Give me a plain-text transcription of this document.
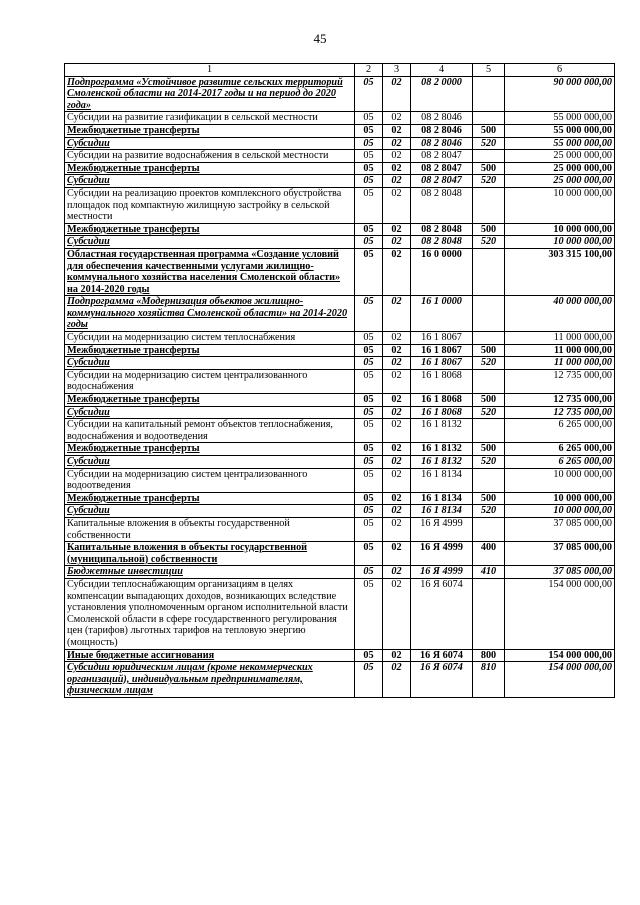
45
1	2	3	4	5	6
Подпрограмма «Устойчивое развитие сельских территорий Смоленской области на 2014-2017 годы и на период до 2020 года»	05	02	08 2 0000		90 000 000,00
Субсидии на развитие газификации в сельской местности	05	02	08 2 8046		55 000 000,00
Межбюджетные трансферты	05	02	08 2 8046	500	55 000 000,00
Субсидии	05	02	08 2 8046	520	55 000 000,00
Субсидии на развитие водоснабжения в сельской местности	05	02	08 2 8047		25 000 000,00
Межбюджетные трансферты	05	02	08 2 8047	500	25 000 000,00
Субсидии	05	02	08 2 8047	520	25 000 000,00
Субсидии на реализацию проектов комплексного обустройства площадок под компактную жилищную застройку в сельской местности	05	02	08 2 8048		10 000 000,00
Межбюджетные трансферты	05	02	08 2 8048	500	10 000 000,00
Субсидии	05	02	08 2 8048	520	10 000 000,00
Областная государственная программа «Создание условий для обеспечения качественными услугами жилищно-коммунального хозяйства населения Смоленской области» на 2014-2020 годы	05	02	16 0 0000		303 315 100,00
Подпрограмма «Модернизация объектов жилищно-коммунального хозяйства Смоленской области» на 2014-2020 годы	05	02	16 1 0000		40 000 000,00
Субсидии на модернизацию систем теплоснабжения	05	02	16 1 8067		11 000 000,00
Межбюджетные трансферты	05	02	16 1 8067	500	11 000 000,00
Субсидии	05	02	16 1 8067	520	11 000 000,00
Субсидии на модернизацию систем централизованного водоснабжения	05	02	16 1 8068		12 735 000,00
Межбюджетные трансферты	05	02	16 1 8068	500	12 735 000,00
Субсидии	05	02	16 1 8068	520	12 735 000,00
Субсидии на капитальный ремонт объектов теплоснабжения, водоснабжения и водоотведения	05	02	16 1 8132		6 265 000,00
Межбюджетные трансферты	05	02	16 1 8132	500	6 265 000,00
Субсидии	05	02	16 1 8132	520	6 265 000,00
Субсидии на модернизацию систем централизованного водоотведения	05	02	16 1 8134		10 000 000,00
Межбюджетные трансферты	05	02	16 1 8134	500	10 000 000,00
Субсидии	05	02	16 1 8134	520	10 000 000,00
Капитальные вложения в объекты государственной собственности	05	02	16 Я 4999		37 085 000,00
Капитальные вложения в объекты государственной (муниципальной) собственности	05	02	16 Я 4999	400	37 085 000,00
Бюджетные инвестиции	05	02	16 Я 4999	410	37 085 000,00
Субсидии теплоснабжающим организациям в целях компенсации выпадающих доходов, возникающих вследствие установления уполномоченным органом исполнительной власти Смоленской области в сфере государственного регулирования цен (тарифов) льготных тарифов на тепловую энергию (мощность)	05	02	16 Я 6074		154 000 000,00
Иные бюджетные ассигнования	05	02	16 Я 6074	800	154 000 000,00
Субсидии юридическим лицам (кроме некоммерческих организаций), индивидуальным предпринимателям, физическим лицам	05	02	16 Я 6074	810	154 000 000,00
